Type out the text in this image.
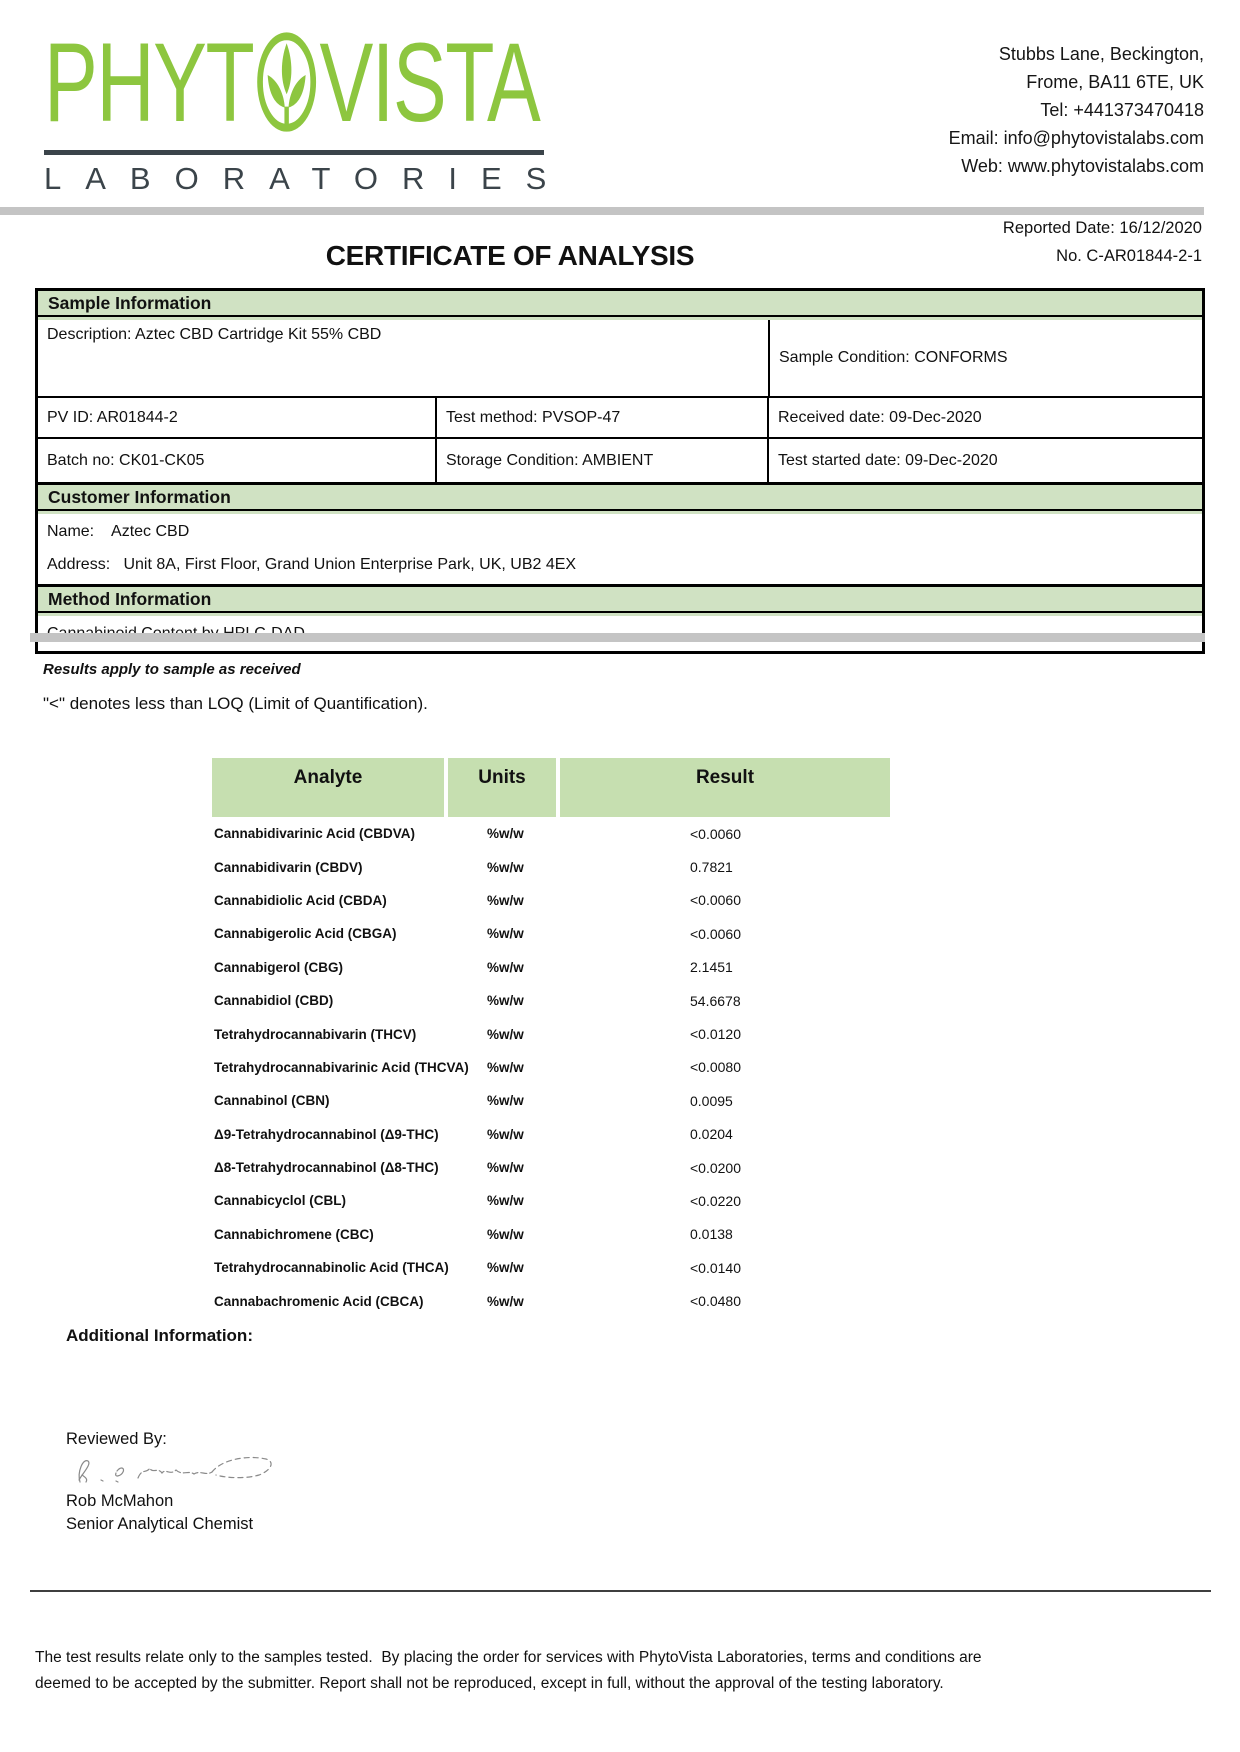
PHYT VISTA
LABORATORIES
Stubbs Lane, Beckington,
Frome, BA11 6TE, UK
Tel: +441373470418
Email: info@phytovistalabs.com
Web: www.phytovistalabs.com
Reported Date: 16/12/2020
CERTIFICATE OF ANALYSIS	No. C-AR01844-2-1
Sample Information
Description: Aztec CBD Cartridge Kit 55% CBD
Sample Condition: CONFORMS
PV ID: AR01844-2	Test method: PVSOP-47	Received date: 09-Dec-2020
Batch no: CK01-CK05	Storage Condition: AMBIENT	Test started date: 09-Dec-2020
Customer Information
Name:    Aztec CBD
Address:   Unit 8A, First Floor, Grand Union Enterprise Park, UK, UB2 4EX
Method Information
Results apply to sample as received
"<" denotes less than LOQ (Limit of Quantification).
Analyte	Units	Result
Cannabidivarinic Acid (CBDVA)	%w/w	<0.0060
Cannabidivarin (CBDV)	%w/w	0.7821
Cannabidiolic Acid (CBDA)	%w/w	<0.0060
Cannabigerolic Acid (CBGA)	%w/w	<0.0060
Cannabigerol (CBG)	%w/w	2.1451
Cannabidiol (CBD)	%w/w	54.6678
Tetrahydrocannabivarin (THCV)	%w/w	<0.0120
Tetrahydrocannabivarinic Acid (THCVA)	%w/w	<0.0080
Cannabinol (CBN)	%w/w	0.0095
Δ9-Tetrahydrocannabinol (Δ9-THC)	%w/w	0.0204
Δ8-Tetrahydrocannabinol (Δ8-THC)	%w/w	<0.0200
Cannabicyclol (CBL)	%w/w	<0.0220
Cannabichromene (CBC)	%w/w	0.0138
Tetrahydrocannabinolic Acid (THCA)	%w/w	<0.0140
Cannabachromenic Acid (CBCA)	%w/w	<0.0480
Additional Information:
Reviewed By:
Rob McMahon
Senior Analytical Chemist
The test results relate only to the samples tested.  By placing the order for services with PhytoVista Laboratories, terms and conditions are
deemed to be accepted by the submitter. Report shall not be reproduced, except in full, without the approval of the testing laboratory.
